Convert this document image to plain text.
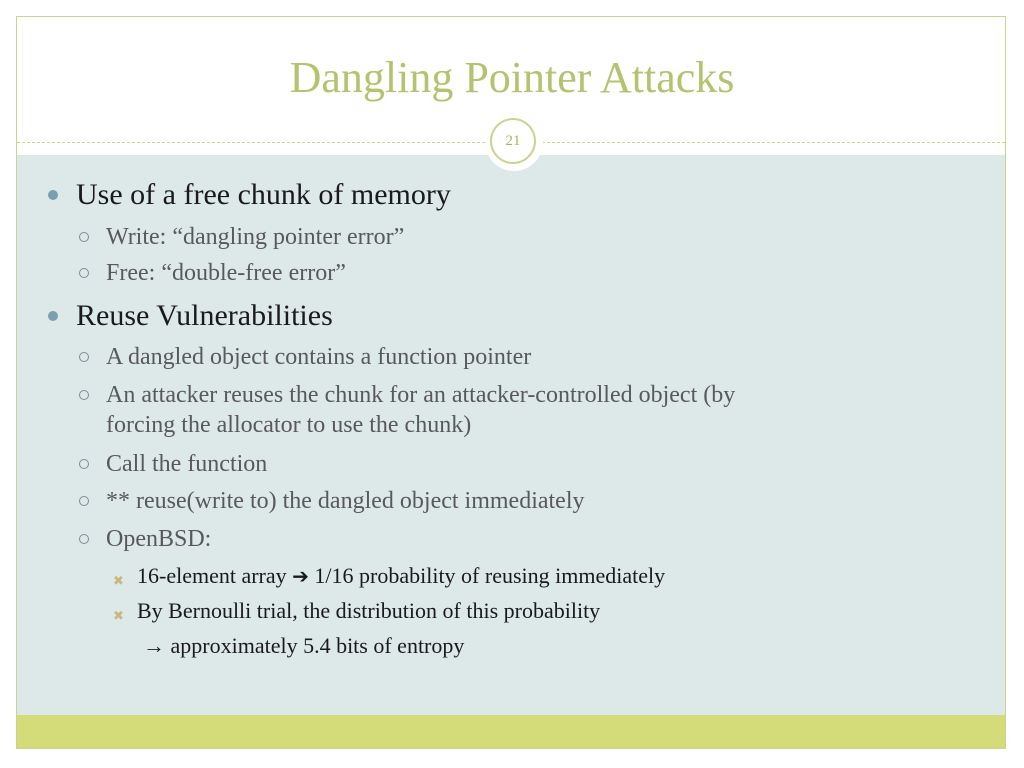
Dangling Pointer Attacks
21
Use of a free chunk of memory
Write: “dangling pointer error”
Free: “double-free error”
Reuse Vulnerabilities
A dangled object contains a function pointer
An attacker reuses the chunk for an attacker-controlled object (by
forcing the allocator to use the chunk)
Call the function
** reuse(write to) the dangled object immediately
OpenBSD:
✖ 16-element array ➔ 1/16 probability of reusing immediately
✖ By Bernoulli trial, the distribution of this probability
→ approximately 5.4 bits of entropy
